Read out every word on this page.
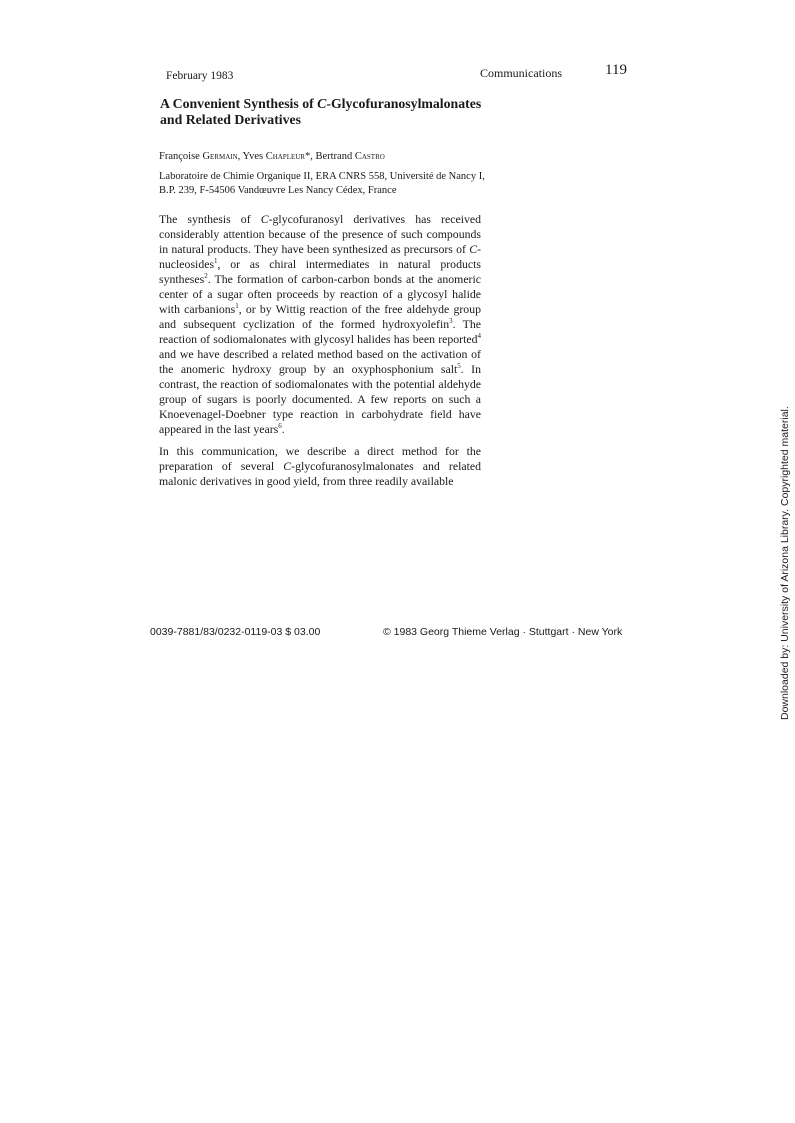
February 1983	Communications	119
A Convenient Synthesis of C-Glycofuranosylmalonates and Related Derivatives
Françoise Germain, Yves Chapleur*, Bertrand Castro
Laboratoire de Chimie Organique II, ERA CNRS 558, Université de Nancy I, B.P. 239, F-54506 Vandœuvre Les Nancy Cédex, France

The synthesis of C-glycofuranosyl derivatives has received considerably attention because of the presence of such compounds in natural products. They have been synthesized as precursors of C-nucleosides$^1$, or as chiral intermediates in natural products syntheses$^2$. The formation of carbon-carbon bonds at the anomeric center of a sugar often proceeds by reaction of a glycosyl halide with carbanions$^1$, or by Wittig reaction of the free aldehyde group and subsequent cyclization of the formed hydroxyolefin$^3$. The reaction of sodiomalonates with glycosyl halides has been reported$^4$ and we have described a related method based on the activation of the anomeric hydroxy group by an oxyphosphonium salt$^5$. In contrast, the reaction of sodiomalonates with the potential aldehyde group of sugars is poorly documented. A few reports on such a Knoevenagel-Doebner type reaction in carbohydrate field have appeared in the last years$^6$.

In this communication, we describe a direct method for the preparation of several C-glycofuranosylmalonates and related malonic derivatives in good yield, from three readily available

0039-7881/83/0232-0119-03 $ 03.00	© 1983 Georg Thieme Verlag · Stuttgart · New York	Downloaded by: University of Arizona Library. Copyrighted material.
